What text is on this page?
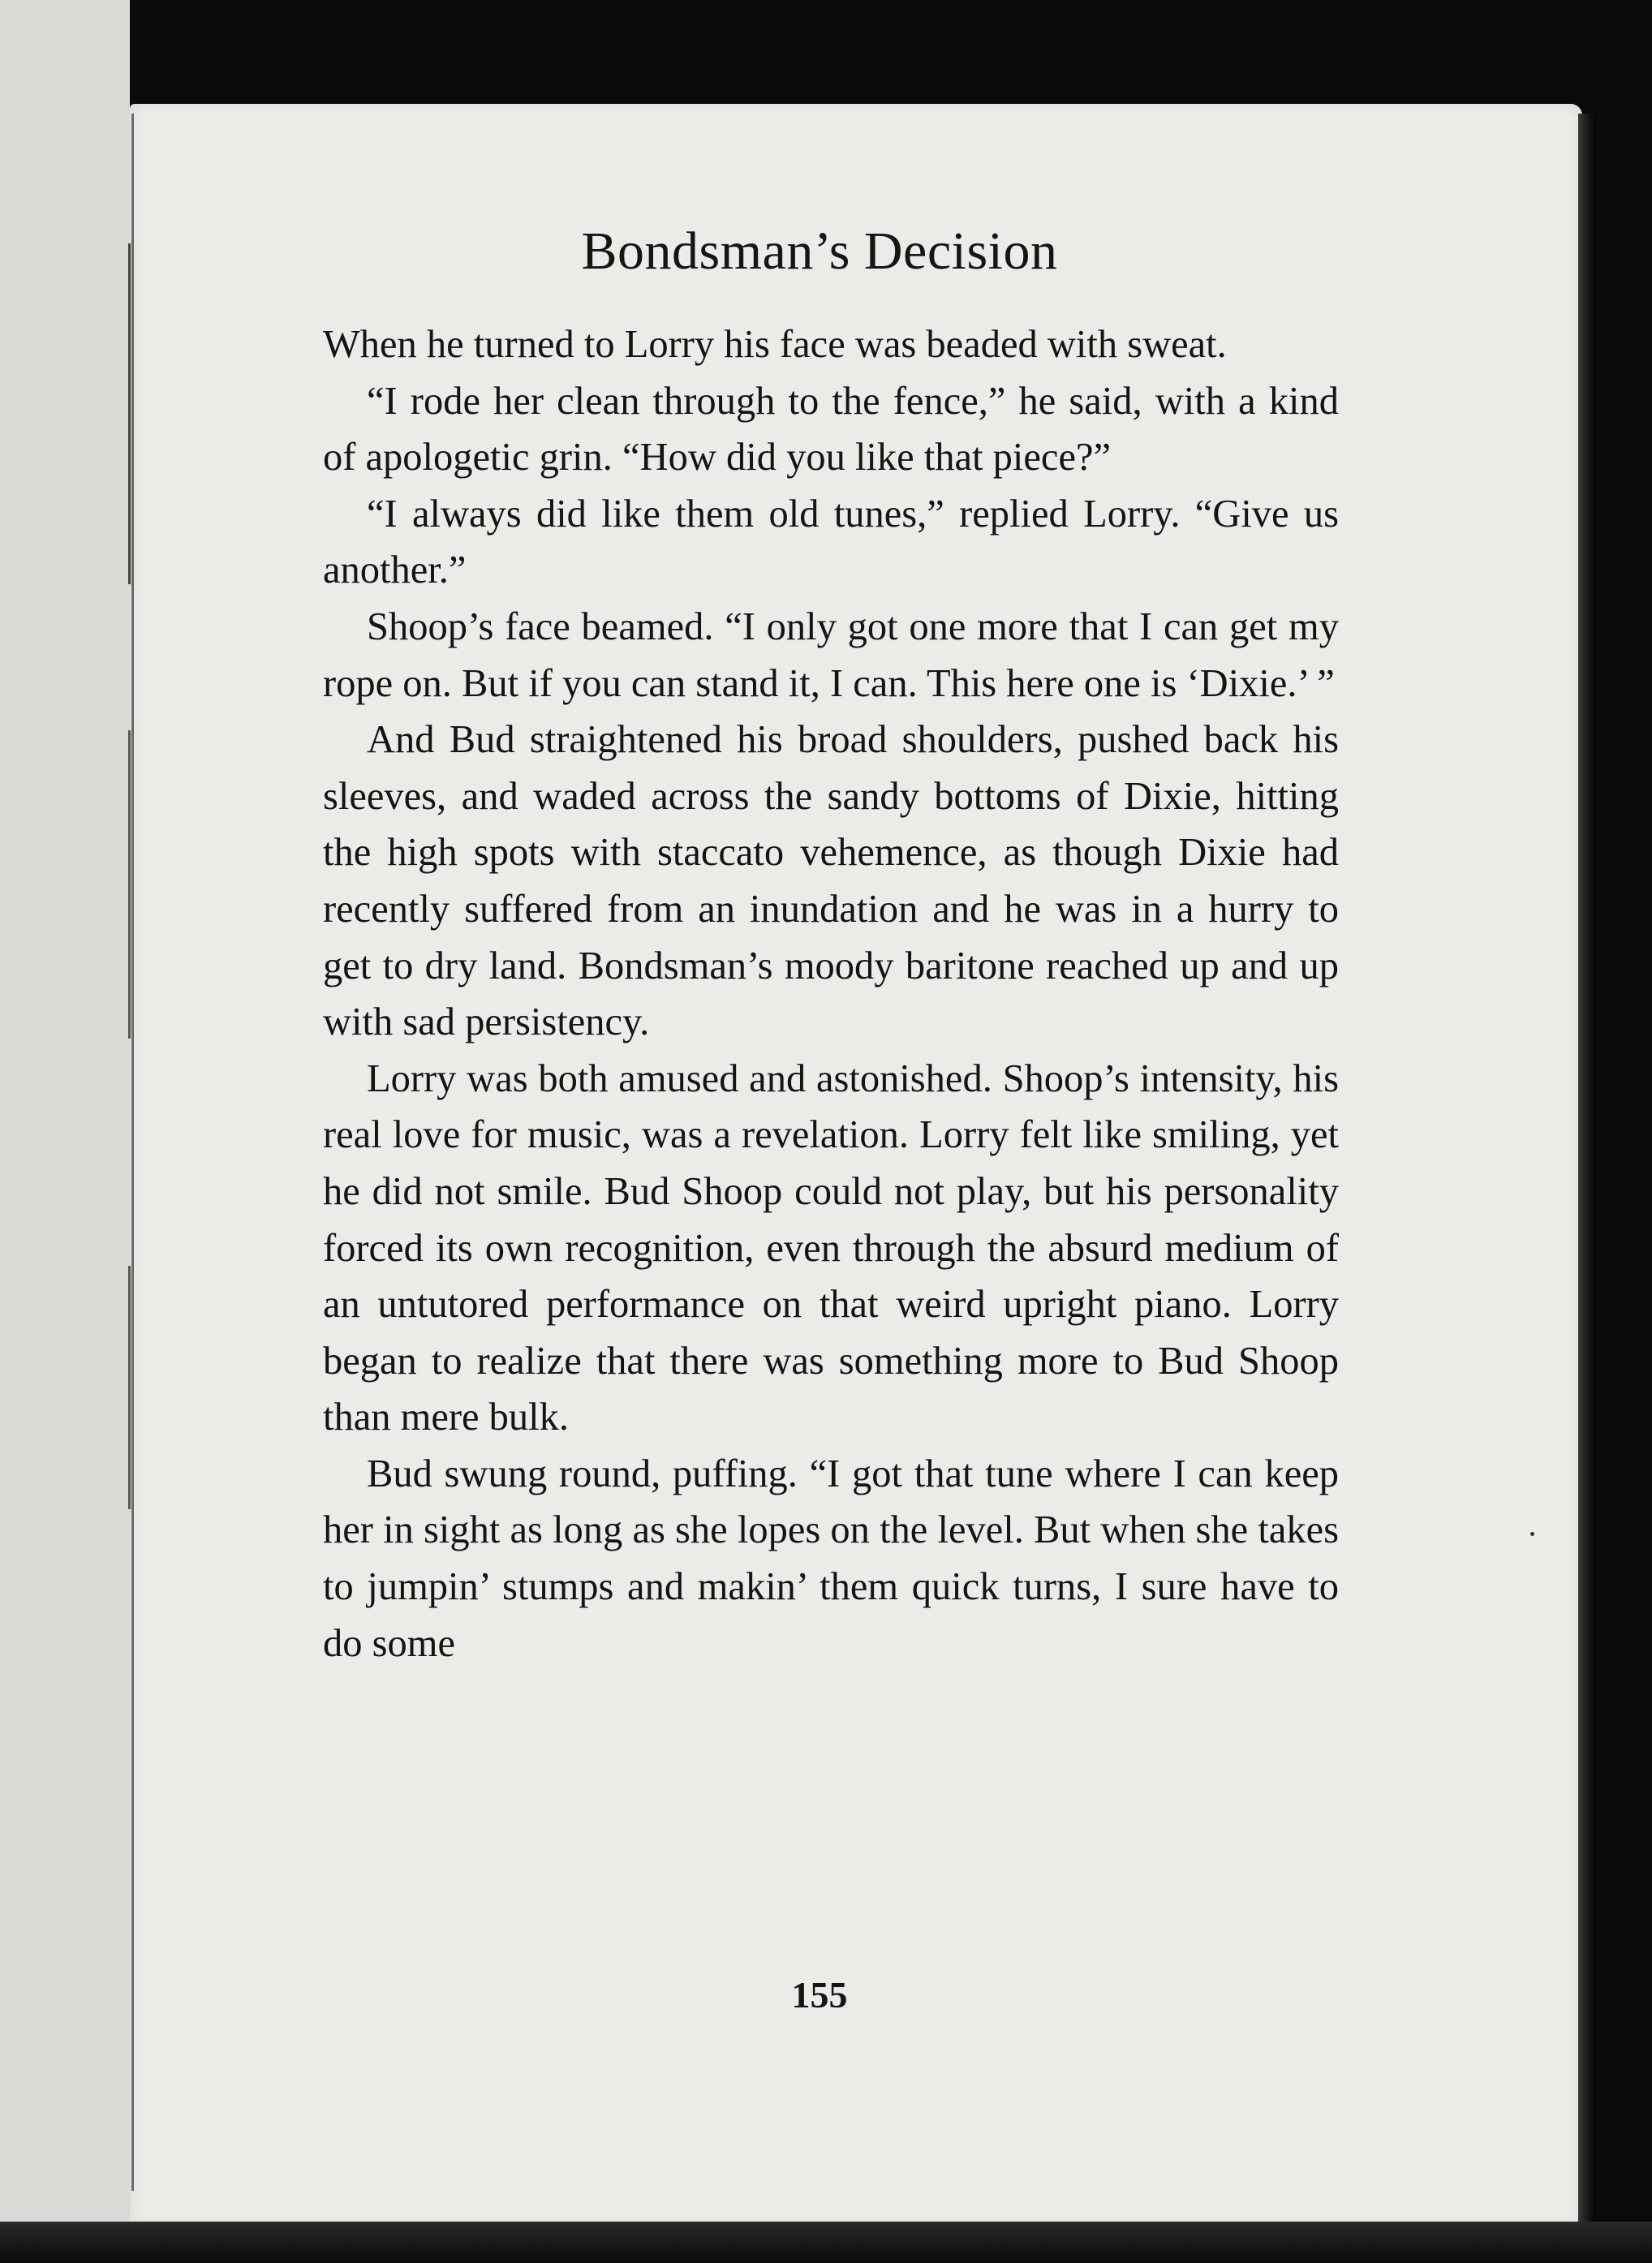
Bondsman’s Decision

When he turned to Lorry his face was beaded with sweat.

“I rode her clean through to the fence,” he said, with a kind of apologetic grin. “How did you like that piece?”

“I always did like them old tunes,” replied Lorry. “Give us another.”

Shoop’s face beamed. “I only got one more that I can get my rope on. But if you can stand it, I can. This here one is ‘Dixie.’ ”

And Bud straightened his broad shoulders, pushed back his sleeves, and waded across the sandy bottoms of Dixie, hitting the high spots with staccato vehemence, as though Dixie had recently suffered from an inundation and he was in a hurry to get to dry land. Bondsman’s moody baritone reached up and up with sad persistency.

Lorry was both amused and astonished. Shoop’s intensity, his real love for music, was a revelation. Lorry felt like smiling, yet he did not smile. Bud Shoop could not play, but his personality forced its own recognition, even through the absurd medium of an untutored performance on that weird upright piano. Lorry began to realize that there was something more to Bud Shoop than mere bulk.

Bud swung round, puffing. “I got that tune where I can keep her in sight as long as she lopes on the level. But when she takes to jumpin’ stumps and makin’ them quick turns, I sure have to do some

155
